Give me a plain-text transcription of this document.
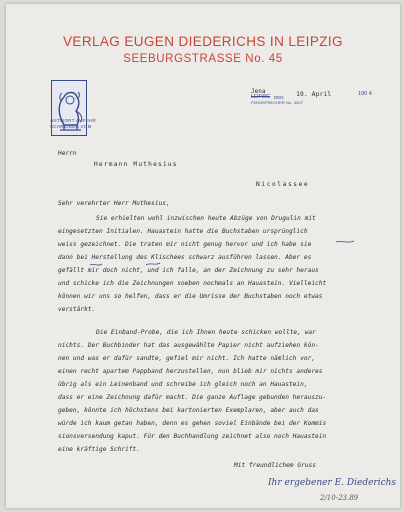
VERLAG EUGEN DIEDERICHS IN LEIPZIG
SEEBURGSTRASSE No. 45
ANTWORT AUF IHR
SCHREIBEN VOM
Jena
LEIPZIG DEN 19. April	190 4
FERNSPRECHER No. 3307
Herrn
Hermann Muthesius
Nicolassee
Sehr verehrter Herr Muthesius,
Sie erhielten wohl inzwischen heute Abzüge von Drugulin mit
eingesetzten Initialen. Hauastein hatte die Buchstaben ursprünglich
weiss gezeichnet. Die traten mir nicht genug hervor und ich habe sie
dann bei Herstellung des Klischees schwarz ausführen lassen. Aber es
gefällt mir doch nicht, und ich falle, an der Zeichnung zu sehr heraus
und schicke ich die Zeichnungen soeben nochmals an Hauastein. Vielleicht
können wir uns so helfen, dass er die Umrisse der Buchstaben noch etwas
verstärkt.
Die Einband-Probe, die ich Ihnen heute schicken wollte, war
nichts. Der Buchbinder hat das ausgewählte Papier nicht aufziehen kön-
nen und was er dafür sandte, gefiel mir nicht. Ich hatte nämlich vor,
einen recht apartem Pappband herzustellen, nun blieb mir nichts anderes
übrig als ein Leinenband und schreibe ich gleich noch an Hauastein,
dass er eine Zeichnung dafür macht. Die ganze Auflage gebunden herauszu-
geben, könnte ich höchstens bei kartonierten Exemplaren, aber auch das
würde ich kaum getan haben, denn es gehen soviel Einbände bei der Kommis
sionsversendung kaput. Für den Buchhandlung zeichnet also noch Hauastein
eine kräftige Schrift.
Mit freundlichem Gruss
Ihr ergebener E. Diederichs
2/10-23.89
